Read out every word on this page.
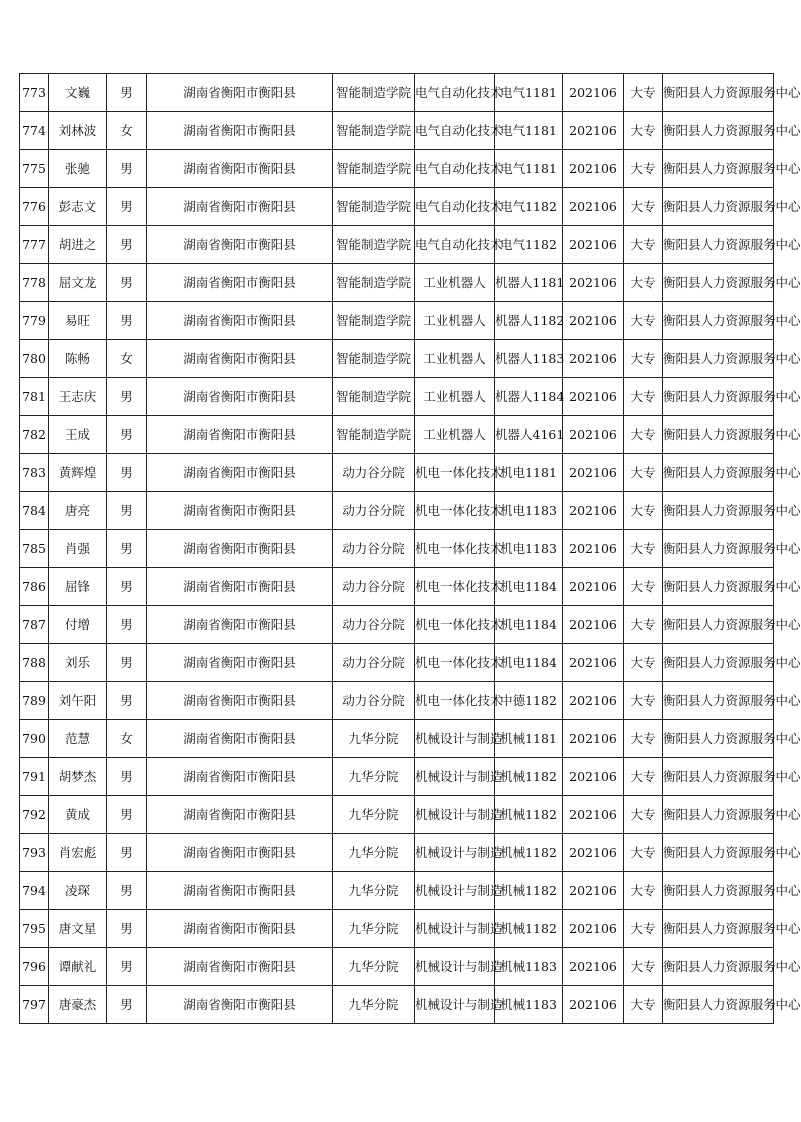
773	文巍	男	湖南省衡阳市衡阳县	智能制造学院	电气自动化技术	电气1181	202106	大专	衡阳县人力资源服务中心
774	刘林波	女	湖南省衡阳市衡阳县	智能制造学院	电气自动化技术	电气1181	202106	大专	衡阳县人力资源服务中心
775	张驰	男	湖南省衡阳市衡阳县	智能制造学院	电气自动化技术	电气1181	202106	大专	衡阳县人力资源服务中心
776	彭志文	男	湖南省衡阳市衡阳县	智能制造学院	电气自动化技术	电气1182	202106	大专	衡阳县人力资源服务中心
777	胡进之	男	湖南省衡阳市衡阳县	智能制造学院	电气自动化技术	电气1182	202106	大专	衡阳县人力资源服务中心
778	屈文龙	男	湖南省衡阳市衡阳县	智能制造学院	工业机器人	机器人1181	202106	大专	衡阳县人力资源服务中心
779	易旺	男	湖南省衡阳市衡阳县	智能制造学院	工业机器人	机器人1182	202106	大专	衡阳县人力资源服务中心
780	陈畅	女	湖南省衡阳市衡阳县	智能制造学院	工业机器人	机器人1183	202106	大专	衡阳县人力资源服务中心
781	王志庆	男	湖南省衡阳市衡阳县	智能制造学院	工业机器人	机器人1184	202106	大专	衡阳县人力资源服务中心
782	王成	男	湖南省衡阳市衡阳县	智能制造学院	工业机器人	机器人4161	202106	大专	衡阳县人力资源服务中心
783	黄辉煌	男	湖南省衡阳市衡阳县	动力谷分院	机电一体化技术	机电1181	202106	大专	衡阳县人力资源服务中心
784	唐亮	男	湖南省衡阳市衡阳县	动力谷分院	机电一体化技术	机电1183	202106	大专	衡阳县人力资源服务中心
785	肖强	男	湖南省衡阳市衡阳县	动力谷分院	机电一体化技术	机电1183	202106	大专	衡阳县人力资源服务中心
786	屈锋	男	湖南省衡阳市衡阳县	动力谷分院	机电一体化技术	机电1184	202106	大专	衡阳县人力资源服务中心
787	付增	男	湖南省衡阳市衡阳县	动力谷分院	机电一体化技术	机电1184	202106	大专	衡阳县人力资源服务中心
788	刘乐	男	湖南省衡阳市衡阳县	动力谷分院	机电一体化技术	机电1184	202106	大专	衡阳县人力资源服务中心
789	刘午阳	男	湖南省衡阳市衡阳县	动力谷分院	机电一体化技术	中德1182	202106	大专	衡阳县人力资源服务中心
790	范慧	女	湖南省衡阳市衡阳县	九华分院	机械设计与制造	机械1181	202106	大专	衡阳县人力资源服务中心
791	胡梦杰	男	湖南省衡阳市衡阳县	九华分院	机械设计与制造	机械1182	202106	大专	衡阳县人力资源服务中心
792	黄成	男	湖南省衡阳市衡阳县	九华分院	机械设计与制造	机械1182	202106	大专	衡阳县人力资源服务中心
793	肖宏彪	男	湖南省衡阳市衡阳县	九华分院	机械设计与制造	机械1182	202106	大专	衡阳县人力资源服务中心
794	凌琛	男	湖南省衡阳市衡阳县	九华分院	机械设计与制造	机械1182	202106	大专	衡阳县人力资源服务中心
795	唐文星	男	湖南省衡阳市衡阳县	九华分院	机械设计与制造	机械1182	202106	大专	衡阳县人力资源服务中心
796	谭献礼	男	湖南省衡阳市衡阳县	九华分院	机械设计与制造	机械1183	202106	大专	衡阳县人力资源服务中心
797	唐豪杰	男	湖南省衡阳市衡阳县	九华分院	机械设计与制造	机械1183	202106	大专	衡阳县人力资源服务中心
